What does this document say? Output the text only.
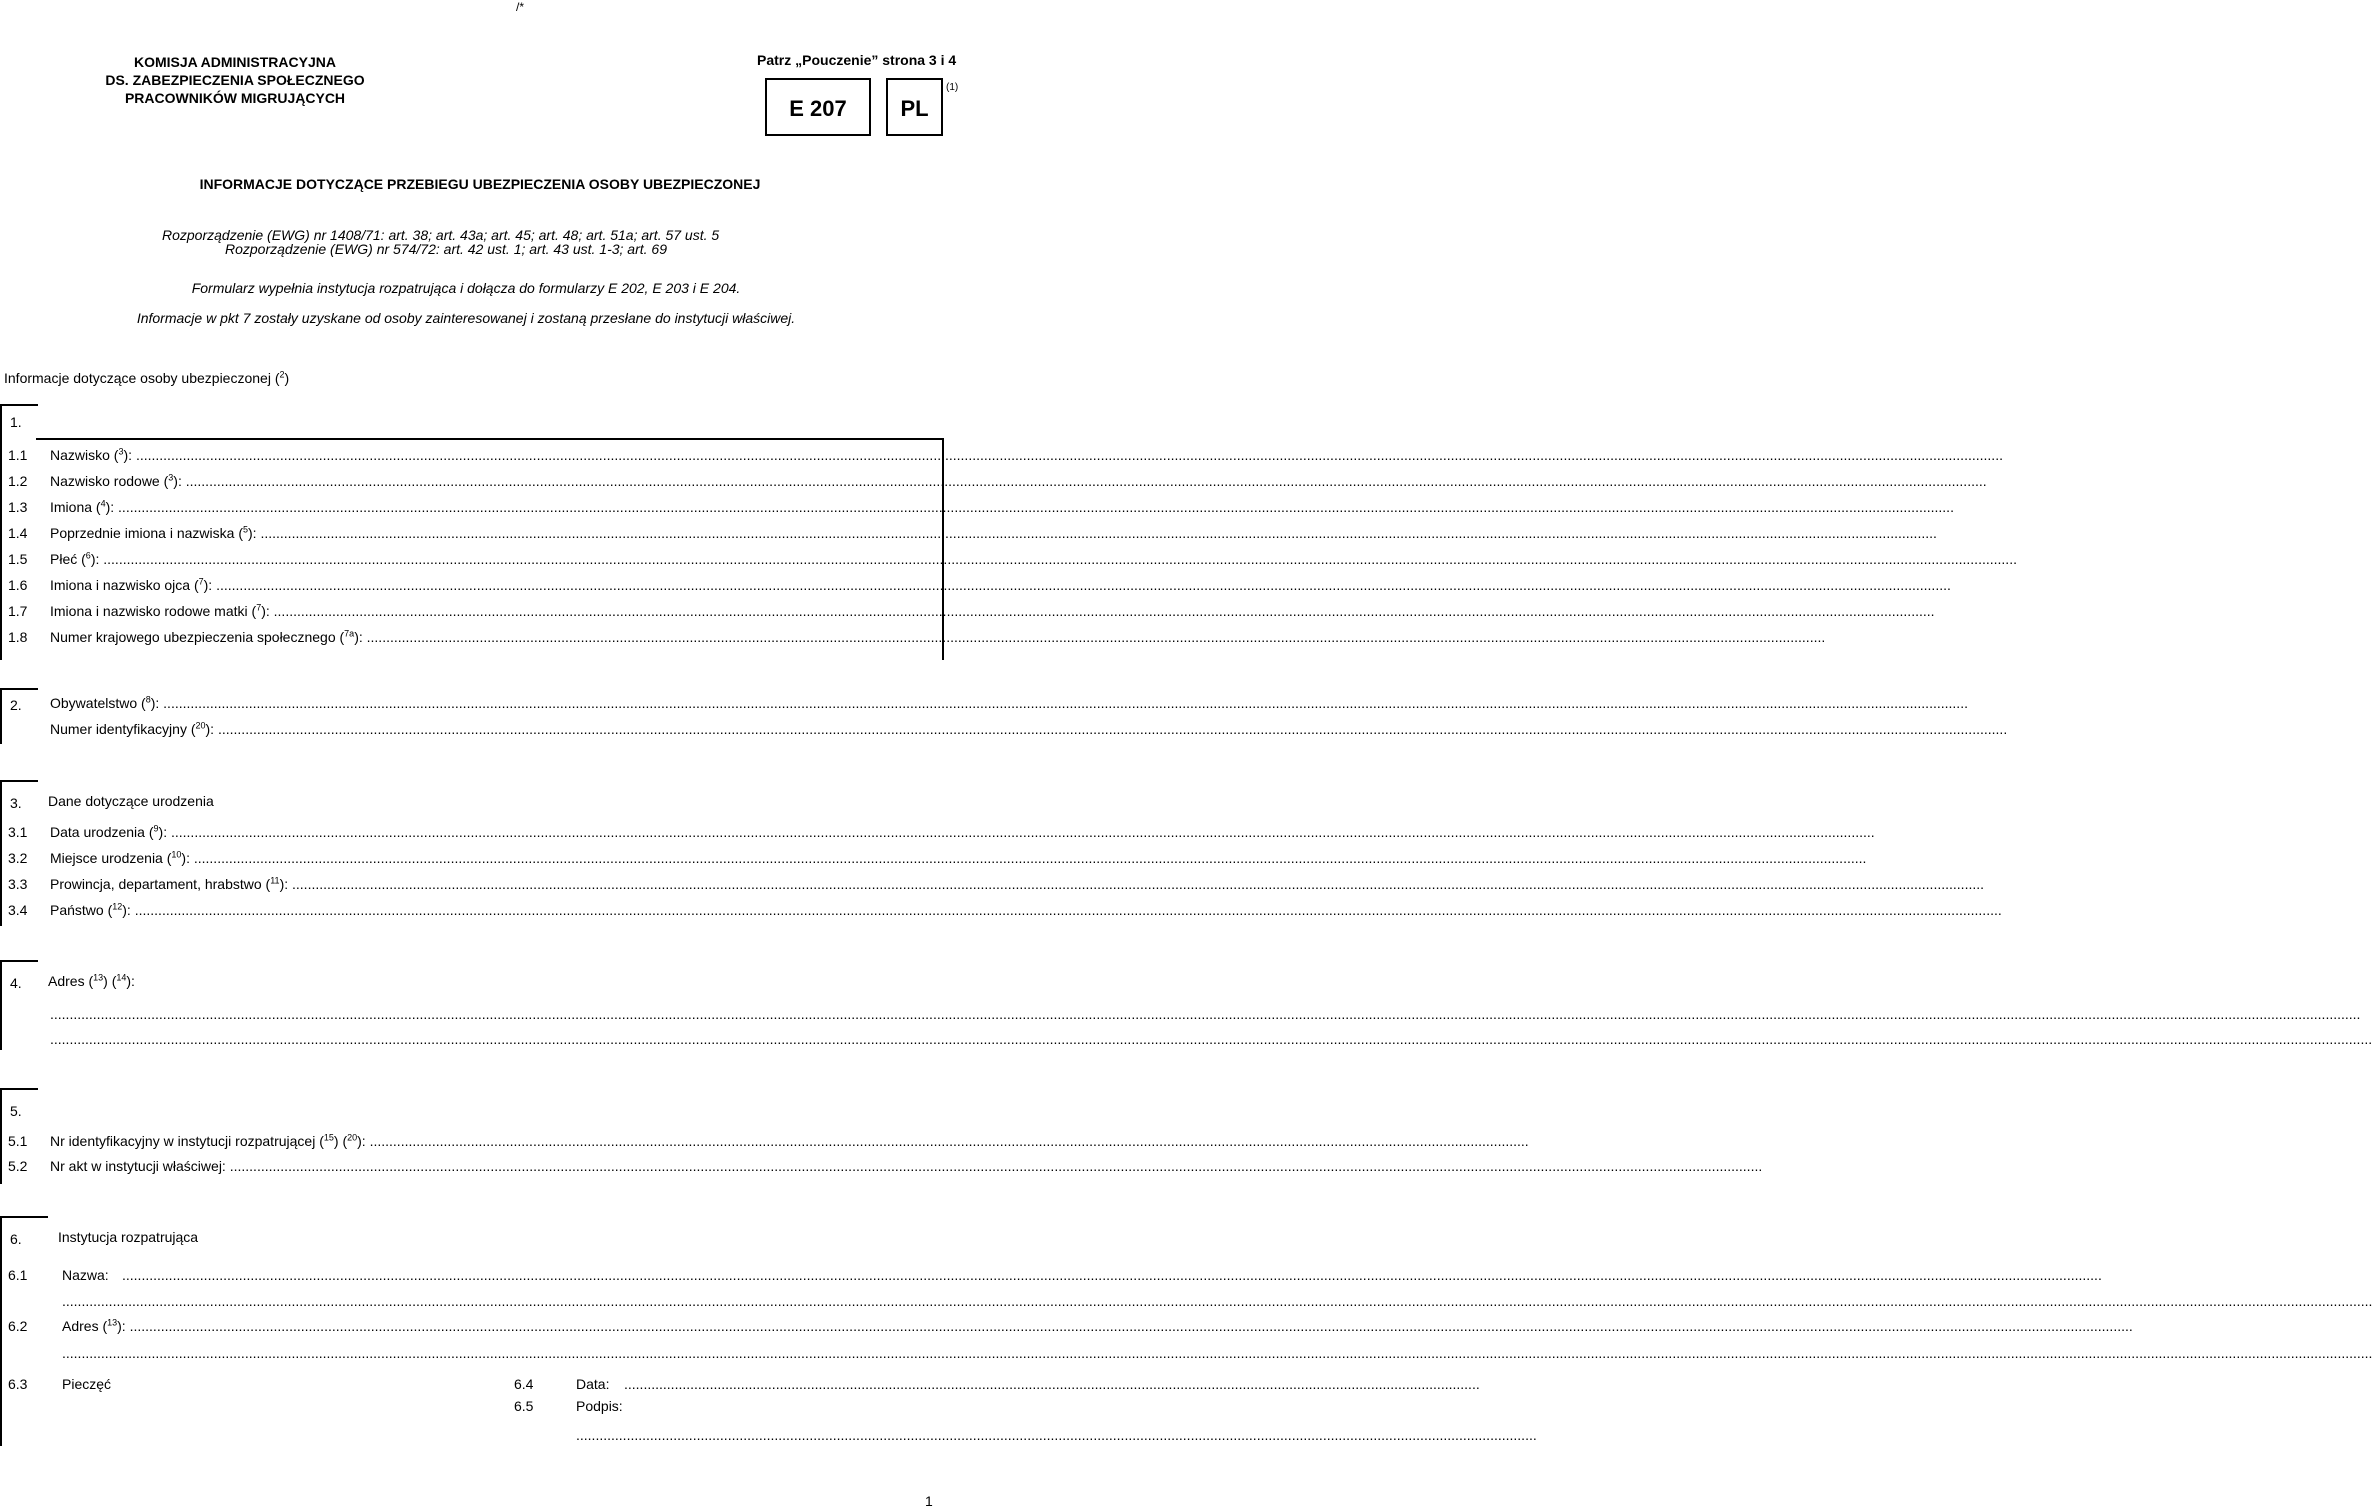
/*
KOMISJA ADMINISTRACYJNA
DS. ZABEZPIECZENIA SPOŁECZNEGO
PRACOWNIKÓW MIGRUJĄCYCH
Patrz „Pouczenie” strona 3 i 4
E 207	PL
(1)
INFORMACJE DOTYCZĄCE PRZEBIEGU UBEZPIECZENIA OSOBY UBEZPIECZONEJ
Rozporządzenie (EWG) nr 1408/71: art. 38; art. 43a; art. 45; art. 48; art. 51a; art. 57 ust. 5
Rozporządzenie (EWG) nr 574/72: art. 42 ust. 1; art. 43 ust. 1-3; art. 69
Formularz wypełnia instytucja rozpatrująca i dołącza do formularzy E 202, E 203 i E 204.
Informacje w pkt 7 zostały uzyskane od osoby zainteresowanej i zostaną przesłane do instytucji właściwej.
Informacje dotyczące osoby ubezpieczonej ($^2$)
1.
1.1 Nazwisko ($^3$): ................................................................................................................................................................................................................................................................................................................................................................................................................................................................................................
1.2 Nazwisko rodowe ($^3$): ...............................................................................................................................................................................................................................................................................................................................................................................................................................................................................
1.3 Imiona ($^4$): ........................................................................................................................................................................................................................................................................................................................................................................................................................................................................................
1.4 Poprzednie imiona i nazwiska ($^5$): ...............................................................................................................................................................................................................................................................................................................................................................................................................................................
1.5 Płeć ($^6$): ............................................................................................................................................................................................................................................................................................................................................................................................................................................................................................................
1.6 Imiona i nazwisko ojca ($^7$): ..............................................................................................................................................................................................................................................................................................................................................................................................................................................................
1.7 Imiona i nazwisko rodowe matki ($^7$): ...........................................................................................................................................................................................................................................................................................................................................................................................................................................
1.8 Numer krajowego ubezpieczenia społecznego ($^{7a}$): .......................................................................................................................................................................................................................................................................................................................................................................................
2. Obywatelstwo ($^8$): ................................................................................................................................................................................................................................................................................................................................................................................................................................................................................
Numer identyfikacyjny ($^{20}$): ............................................................................................................................................................................................................................................................................................................................................................................................................................................................................
3. Dane dotyczące urodzenia
3.1 Data urodzenia ($^9$): ......................................................................................................................................................................................................................................................................................................................................................................................................................................................
3.2 Miejsce urodzenia ($^{10}$): ..............................................................................................................................................................................................................................................................................................................................................................................................................................................
3.3 Prowincja, departament, hrabstwo ($^{11}$): ...................................................................................................................................................................................................................................................................................................................................................................................................................................................
3.4 Państwo ($^{12}$): ................................................................................................................................................................................................................................................................................................................................................................................................................................................................................................
4. Adres ($^{13}$) ($^{14}$):
..................................................................................................................................................................................................................................................................................................................................................................................................................................................................................................................................................................................................................
.....................................................................................................................................................................................................................................................................................................................................................................................................................................................................................................................................................................................................................
5.
5.1 Nr identyfikacyjny w instytucji rozpatrującej ($^{15}$) ($^{20}$): ..........................................................................................................................................................................................................................................................................................................
5.2 Nr akt w instytucji właściwej: ..........................................................................................................................................................................................................................................................................................................................................................................................................
6.	Instytucja rozpatrująca
6.1 Nazwa: .............................................................................................................................................................................................................................................................................................................................................................................................................................................................................................................................
..................................................................................................................................................................................................................................................................................................................................................................................................................................................................................................................................................................................................................
6.2 Adres ($^{13}$): ...................................................................................................................................................................................................................................................................................................................................................................................................................................................................................................................................
..................................................................................................................................................................................................................................................................................................................................................................................................................................................................................................................................................................................................................
6.3 Pieczęć	6.4	Data: ............................................................................................................................................................................................................................
6.5	Podpis:
.......................................................................................................................................................................................................................................................
1
